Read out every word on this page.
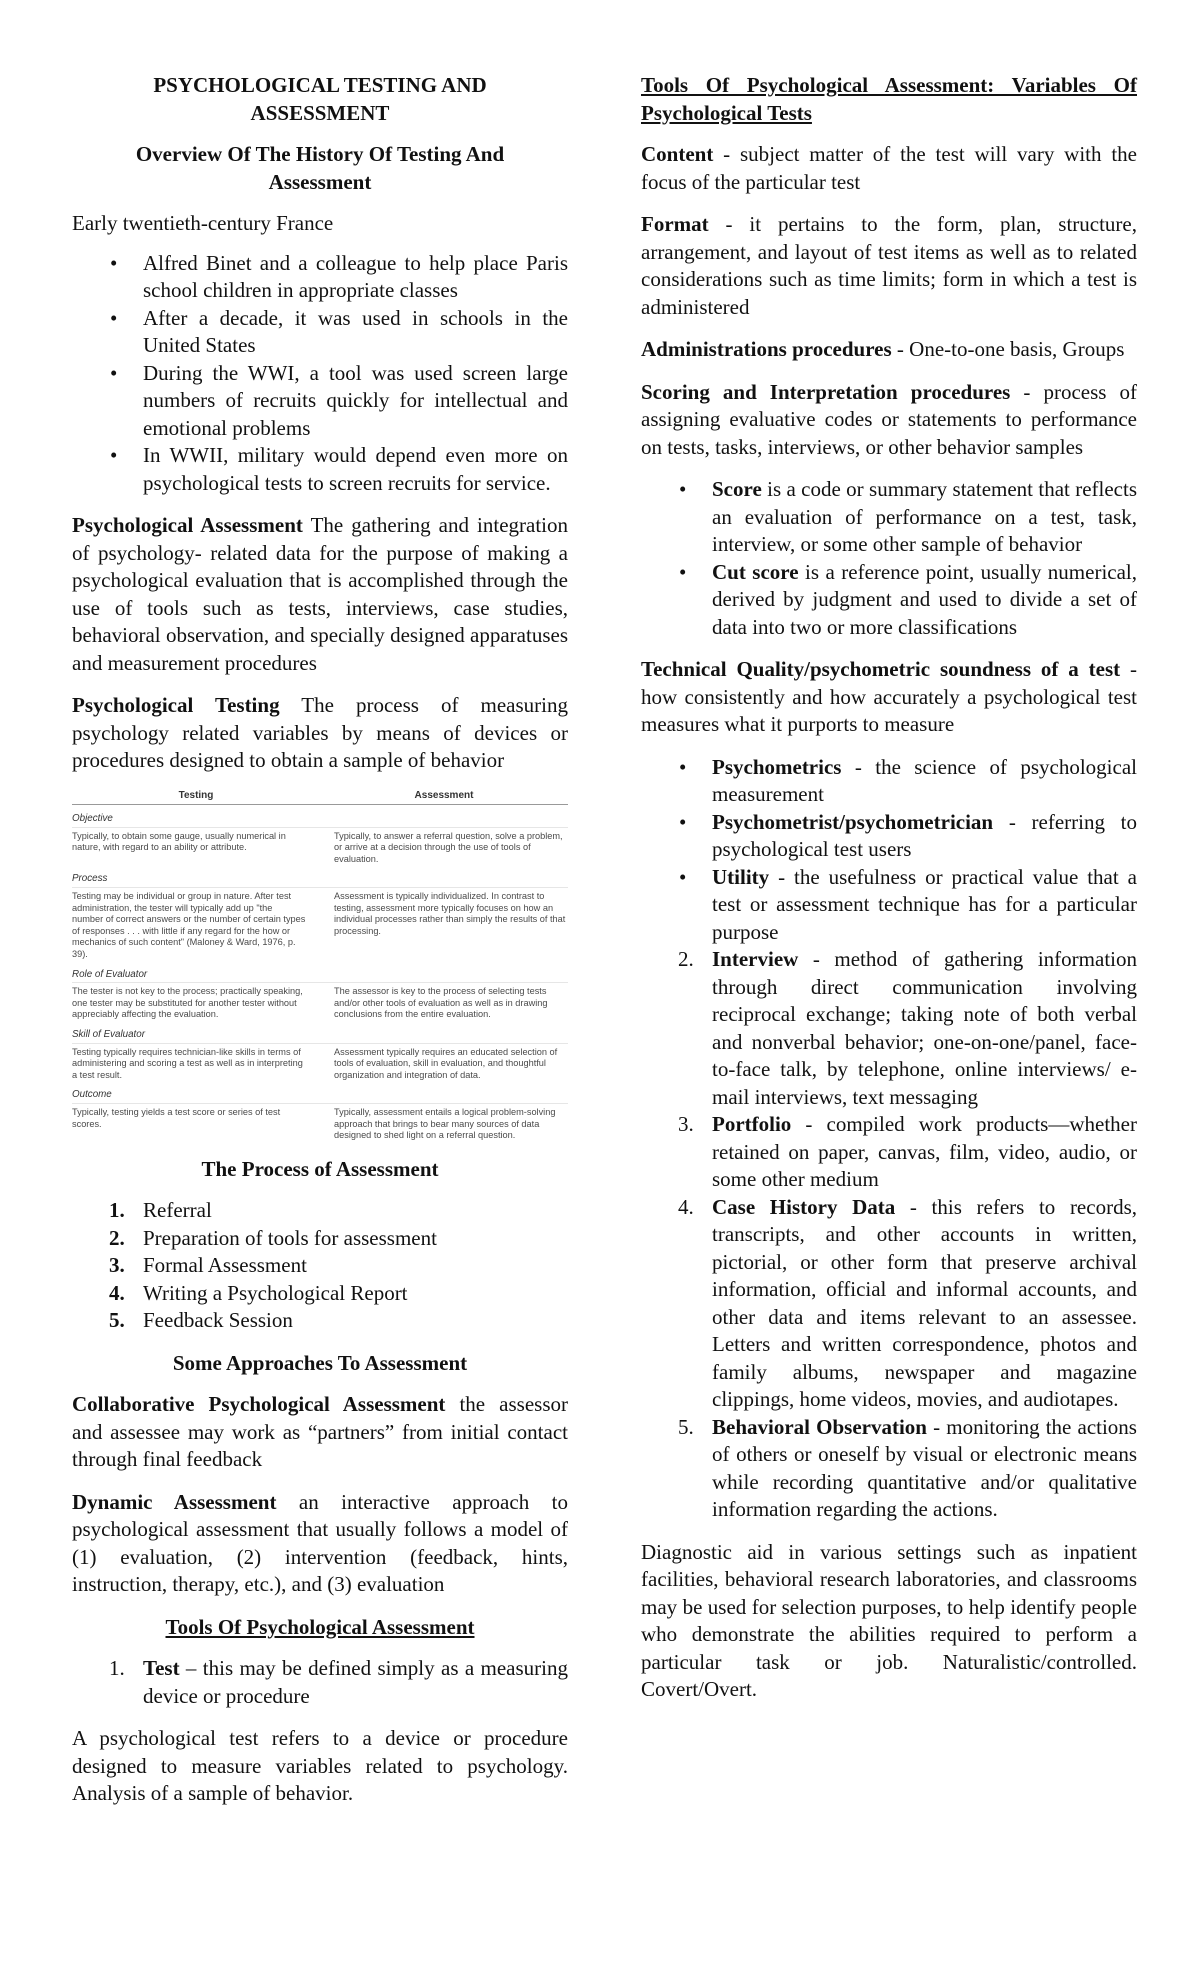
PSYCHOLOGICAL TESTING AND ASSESSMENT

Overview Of The History Of Testing And Assessment

Early twentieth-century France

• Alfred Binet and a colleague to help place Paris school children in appropriate classes
• After a decade, it was used in schools in the United States
• During the WWI, a tool was used screen large numbers of recruits quickly for intellectual and emotional problems
• In WWII, military would depend even more on psychological tests to screen recruits for service.

Psychological Assessment The gathering and integration of psychology- related data for the purpose of making a psychological evaluation that is accomplished through the use of tools such as tests, interviews, case studies, behavioral observation, and specially designed apparatuses and measurement procedures

Psychological Testing The process of measuring psychology related variables by means of devices or procedures designed to obtain a sample of behavior

Testing	Assessment
Objective
Typically, to obtain some gauge, usually numerical in nature, with regard to an ability or attribute.
Typically, to answer a referral question, solve a problem, or arrive at a decision through the use of tools of evaluation.
Process
Testing may be individual or group in nature. After test administration, the tester will typically add up "the number of correct answers or the number of certain types of responses . . . with little if any regard for the how or mechanics of such content" (Maloney & Ward, 1976, p. 39).
Assessment is typically individualized. In contrast to testing, assessment more typically focuses on how an individual processes rather than simply the results of that processing.
Role of Evaluator
The tester is not key to the process; practically speaking, one tester may be substituted for another tester without appreciably affecting the evaluation.
The assessor is key to the process of selecting tests and/or other tools of evaluation as well as in drawing conclusions from the entire evaluation.
Skill of Evaluator
Testing typically requires technician-like skills in terms of administering and scoring a test as well as in interpreting a test result.
Assessment typically requires an educated selection of tools of evaluation, skill in evaluation, and thoughtful organization and integration of data.
Outcome
Typically, testing yields a test score or series of test scores.
Typically, assessment entails a logical problem-solving approach that brings to bear many sources of data designed to shed light on a referral question.

The Process of Assessment

1. Referral
2. Preparation of tools for assessment
3. Formal Assessment
4. Writing a Psychological Report
5. Feedback Session

Some Approaches To Assessment

Collaborative Psychological Assessment the assessor and assessee may work as “partners” from initial contact through final feedback

Dynamic Assessment an interactive approach to psychological assessment that usually follows a model of (1) evaluation, (2) intervention (feedback, hints, instruction, therapy, etc.), and (3) evaluation

Tools Of Psychological Assessment

1. Test – this may be defined simply as a measuring device or procedure

A psychological test refers to a device or procedure designed to measure variables related to psychology. Analysis of a sample of behavior.

Tools Of Psychological Assessment: Variables Of Psychological Tests

Content - subject matter of the test will vary with the focus of the particular test

Format - it pertains to the form, plan, structure, arrangement, and layout of test items as well as to related considerations such as time limits; form in which a test is administered

Administrations procedures - One-to-one basis, Groups

Scoring and Interpretation procedures - process of assigning evaluative codes or statements to performance on tests, tasks, interviews, or other behavior samples

• Score is a code or summary statement that reflects an evaluation of performance on a test, task, interview, or some other sample of behavior
• Cut score is a reference point, usually numerical, derived by judgment and used to divide a set of data into two or more classifications

Technical Quality/psychometric soundness of a test - how consistently and how accurately a psychological test measures what it purports to measure

• Psychometrics - the science of psychological measurement
• Psychometrist/psychometrician - referring to psychological test users
• Utility - the usefulness or practical value that a test or assessment technique has for a particular purpose
2. Interview - method of gathering information through direct communication involving reciprocal exchange; taking note of both verbal and nonverbal behavior; one-on-one/panel, face-to-face talk, by telephone, online interviews/ e-mail interviews, text messaging
3. Portfolio - compiled work products—whether retained on paper, canvas, film, video, audio, or some other medium
4. Case History Data - this refers to records, transcripts, and other accounts in written, pictorial, or other form that preserve archival information, official and informal accounts, and other data and items relevant to an assessee. Letters and written correspondence, photos and family albums, newspaper and magazine clippings, home videos, movies, and audiotapes.
5. Behavioral Observation - monitoring the actions of others or oneself by visual or electronic means while recording quantitative and/or qualitative information regarding the actions.

Diagnostic aid in various settings such as inpatient facilities, behavioral research laboratories, and classrooms may be used for selection purposes, to help identify people who demonstrate the abilities required to perform a particular task or job. Naturalistic/controlled. Covert/Overt.
